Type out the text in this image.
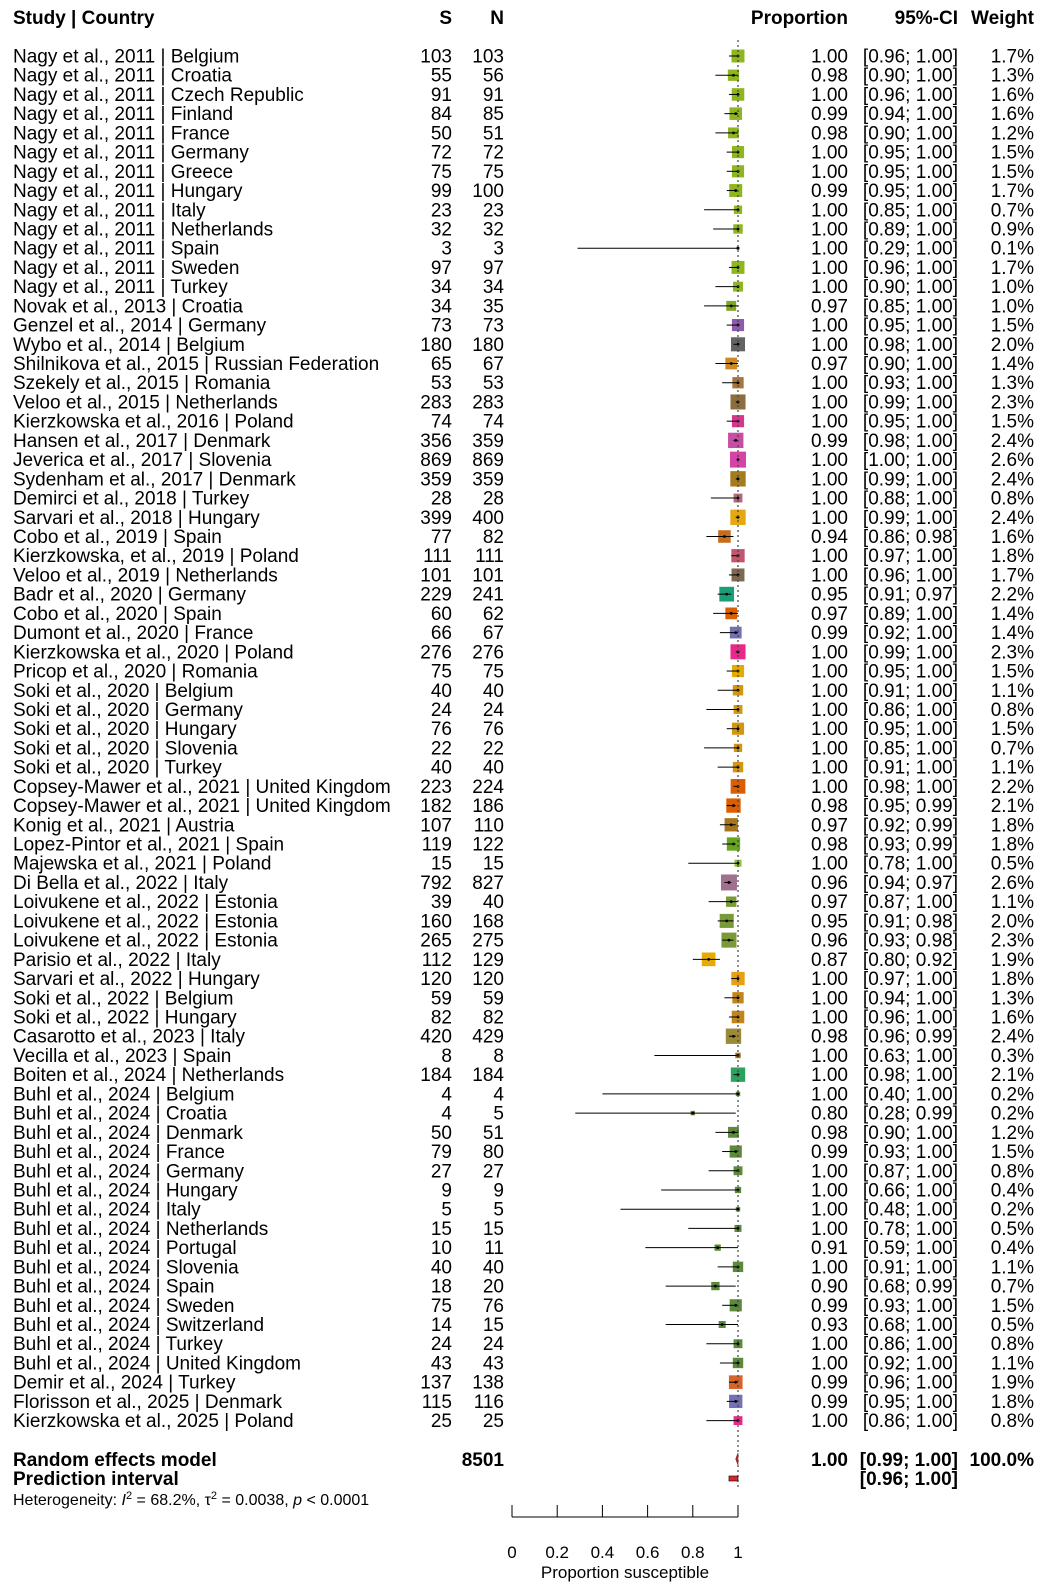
Study | Country	S N	Proportion 95%-CI Weight
Nagy et al., 2011 | Belgium	103 103	1.00 [0.96; 1.00] 1.7%
Nagy et al., 2011 | Croatia	55 56	0.98 [0.90; 1.00] 1.3%
Nagy et al., 2011 | Czech Republic	91 91	1.00 [0.96; 1.00] 1.6%
Nagy et al., 2011 | Finland	84 85	0.99 [0.94; 1.00] 1.6%
Nagy et al., 2011 | France	50 51	0.98 [0.90; 1.00] 1.2%
Nagy et al., 2011 | Germany	72 72	1.00 [0.95; 1.00] 1.5%
Nagy et al., 2011 | Greece	75 75	1.00 [0.95; 1.00] 1.5%
Nagy et al., 2011 | Hungary	99 100	0.99 [0.95; 1.00] 1.7%
Nagy et al., 2011 | Italy	23 23	1.00 [0.85; 1.00] 0.7%
Nagy et al., 2011 | Netherlands	32 32	1.00 [0.89; 1.00] 0.9%
Nagy et al., 2011 | Spain	3 3	1.00 [0.29; 1.00] 0.1%
Nagy et al., 2011 | Sweden	97 97	1.00 [0.96; 1.00] 1.7%
Nagy et al., 2011 | Turkey	34 34	1.00 [0.90; 1.00] 1.0%
Novak et al., 2013 | Croatia	34 35	0.97 [0.85; 1.00] 1.0%
Genzel et al., 2014 | Germany	73 73	1.00 [0.95; 1.00] 1.5%
Wybo et al., 2014 | Belgium	180 180	1.00 [0.98; 1.00] 2.0%
Shilnikova et al., 2015 | Russian Federation	65 67	0.97 [0.90; 1.00] 1.4%
Szekely et al., 2015 | Romania	53 53	1.00 [0.93; 1.00] 1.3%
Veloo et al., 2015 | Netherlands	283 283	1.00 [0.99; 1.00] 2.3%
Kierzkowska et al., 2016 | Poland	74 74	1.00 [0.95; 1.00] 1.5%
Hansen et al., 2017 | Denmark	356 359	0.99 [0.98; 1.00] 2.4%
Jeverica et al., 2017 | Slovenia	869 869	1.00 [1.00; 1.00] 2.6%
Sydenham et al., 2017 | Denmark	359 359	1.00 [0.99; 1.00] 2.4%
Demirci et al., 2018 | Turkey	28 28	1.00 [0.88; 1.00] 0.8%
Sarvari et al., 2018 | Hungary	399 400	1.00 [0.99; 1.00] 2.4%
Cobo et al., 2019 | Spain	77 82	0.94 [0.86; 0.98] 1.6%
Kierzkowska, et al., 2019 | Poland	111 111	1.00 [0.97; 1.00] 1.8%
Veloo et al., 2019 | Netherlands	101 101	1.00 [0.96; 1.00] 1.7%
Badr et al., 2020 | Germany	229 241	0.95 [0.91; 0.97] 2.2%
Cobo et al., 2020 | Spain	60 62	0.97 [0.89; 1.00] 1.4%
Dumont et al., 2020 | France	66 67	0.99 [0.92; 1.00] 1.4%
Kierzkowska et al., 2020 | Poland	276 276	1.00 [0.99; 1.00] 2.3%
Pricop et al., 2020 | Romania	75 75	1.00 [0.95; 1.00] 1.5%
Soki et al., 2020 | Belgium	40 40	1.00 [0.91; 1.00] 1.1%
Soki et al., 2020 | Germany	24 24	1.00 [0.86; 1.00] 0.8%
Soki et al., 2020 | Hungary	76 76	1.00 [0.95; 1.00] 1.5%
Soki et al., 2020 | Slovenia	22 22	1.00 [0.85; 1.00] 0.7%
Soki et al., 2020 | Turkey	40 40	1.00 [0.91; 1.00] 1.1%
Copsey-Mawer et al., 2021 | United Kingdom 223 224	1.00 [0.98; 1.00] 2.2%
Copsey-Mawer et al., 2021 | United Kingdom 182 186	0.98 [0.95; 0.99] 2.1%
Konig et al., 2021 | Austria	107 110	0.97 [0.92; 0.99] 1.8%
Lopez-Pintor et al., 2021 | Spain	119 122	0.98 [0.93; 0.99] 1.8%
Majewska et al., 2021 | Poland	15 15	1.00 [0.78; 1.00] 0.5%
Di Bella et al., 2022 | Italy	792 827	0.96 [0.94; 0.97] 2.6%
Loivukene et al., 2022 | Estonia	39 40	0.97 [0.87; 1.00] 1.1%
Loivukene et al., 2022 | Estonia	160 168	0.95 [0.91; 0.98] 2.0%
Loivukene et al., 2022 | Estonia	265 275	0.96 [0.93; 0.98] 2.3%
Parisio et al., 2022 | Italy	112 129	0.87 [0.80; 0.92] 1.9%
Sarvari et al., 2022 | Hungary	120 120	1.00 [0.97; 1.00] 1.8%
Soki et al., 2022 | Belgium	59 59	1.00 [0.94; 1.00] 1.3%
Soki et al., 2022 | Hungary	82 82	1.00 [0.96; 1.00] 1.6%
Casarotto et al., 2023 | Italy	420 429	0.98 [0.96; 0.99] 2.4%
Vecilla et al., 2023 | Spain	8 8	1.00 [0.63; 1.00] 0.3%
Boiten et al., 2024 | Netherlands	184 184	1.00 [0.98; 1.00] 2.1%
Buhl et al., 2024 | Belgium	4 4	1.00 [0.40; 1.00] 0.2%
Buhl et al., 2024 | Croatia	4 5	0.80 [0.28; 0.99] 0.2%
Buhl et al., 2024 | Denmark	50 51	0.98 [0.90; 1.00] 1.2%
Buhl et al., 2024 | France	79 80	0.99 [0.93; 1.00] 1.5%
Buhl et al., 2024 | Germany	27 27	1.00 [0.87; 1.00] 0.8%
Buhl et al., 2024 | Hungary	9 9	1.00 [0.66; 1.00] 0.4%
Buhl et al., 2024 | Italy	5 5	1.00 [0.48; 1.00] 0.2%
Buhl et al., 2024 | Netherlands	15 15	1.00 [0.78; 1.00] 0.5%
Buhl et al., 2024 | Portugal	10 11	0.91 [0.59; 1.00] 0.4%
Buhl et al., 2024 | Slovenia	40 40	1.00 [0.91; 1.00] 1.1%
Buhl et al., 2024 | Spain	18 20	0.90 [0.68; 0.99] 0.7%
Buhl et al., 2024 | Sweden	75 76	0.99 [0.93; 1.00] 1.5%
Buhl et al., 2024 | Switzerland	14 15	0.93 [0.68; 1.00] 0.5%
Buhl et al., 2024 | Turkey	24 24	1.00 [0.86; 1.00] 0.8%
Buhl et al., 2024 | United Kingdom	43 43	1.00 [0.92; 1.00] 1.1%
Demir et al., 2024 | Turkey	137 138	0.99 [0.96; 1.00] 1.9%
Florisson et al., 2025 | Denmark	115 116	0.99 [0.95; 1.00] 1.8%
Kierzkowska et al., 2025 | Poland	25 25	1.00 [0.86; 1.00] 0.8%
Random effects model	8501	1.00 [0.99; 1.00] 100.0%
Prediction interval	[0.96; 1.00]
Heterogeneity: $I^2 = 68.2\%$, $\tau^2 = 0.0038$, p < 0.0001
0 0.2 0.4 0.6 0.8 1
Proportion susceptible
